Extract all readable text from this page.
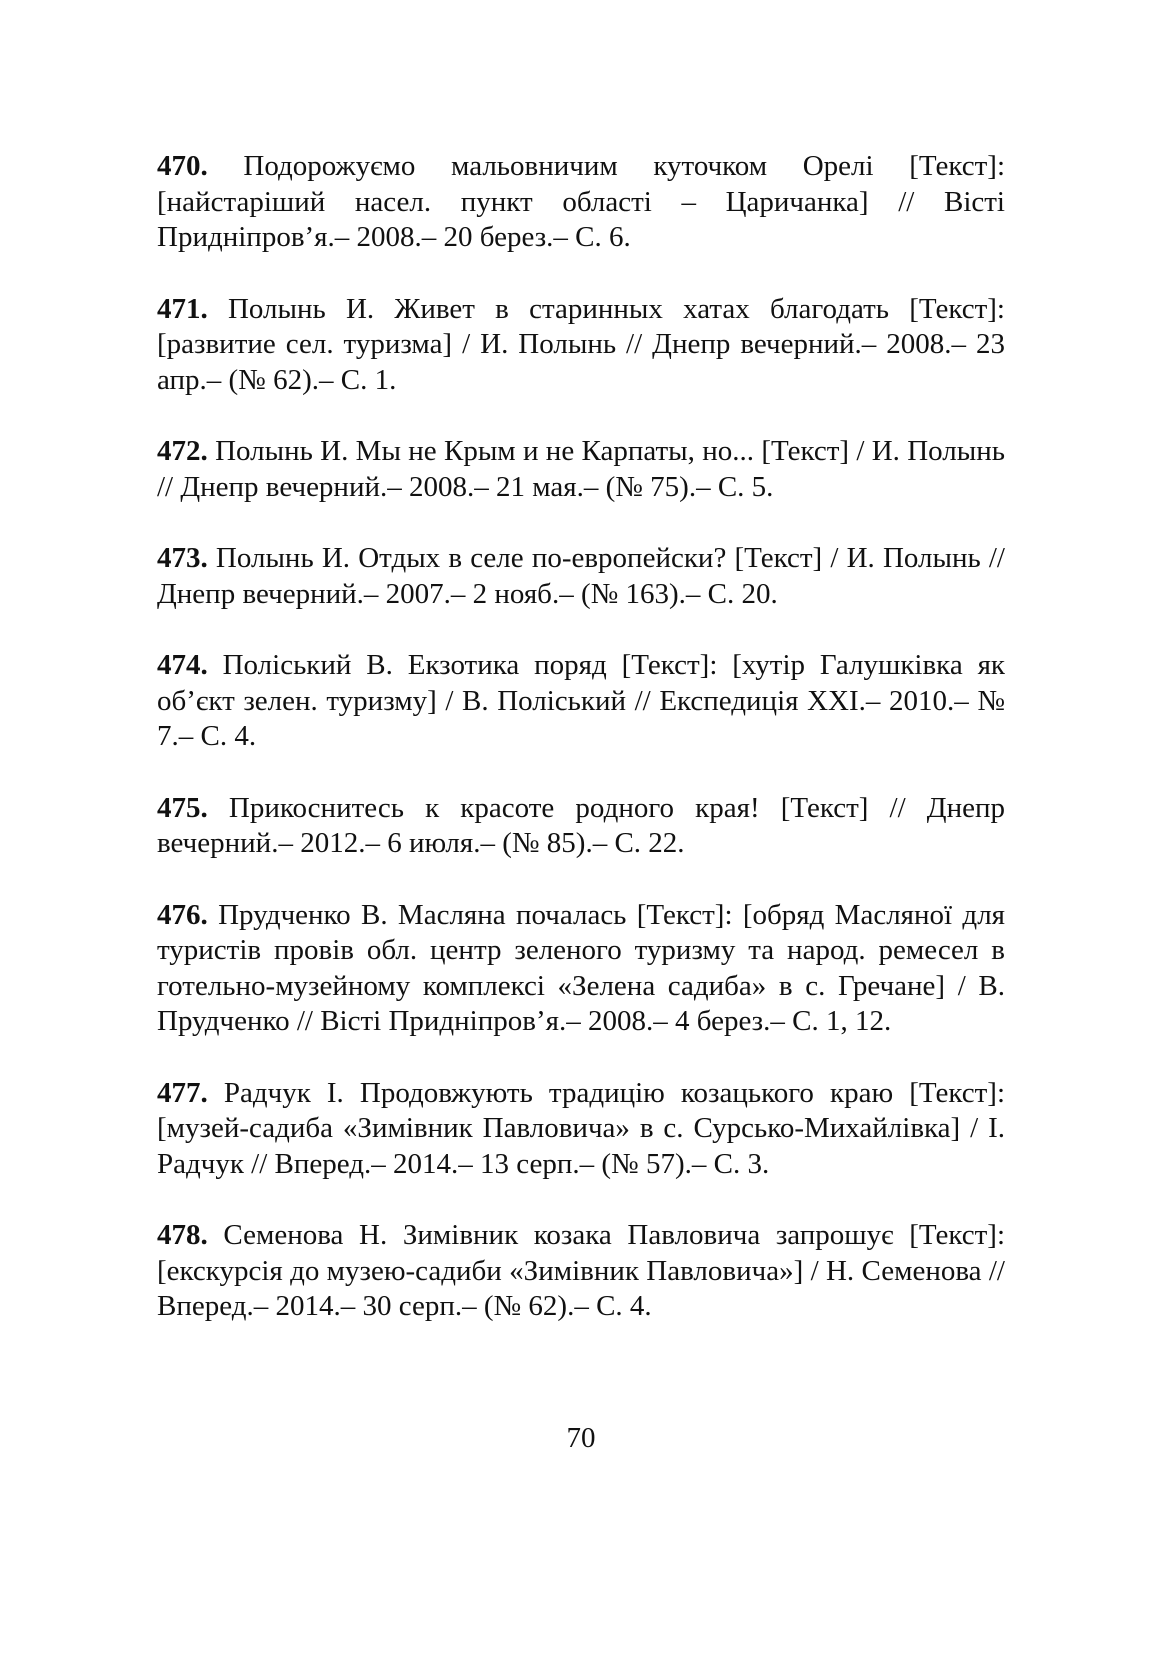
470. Подорожуємо мальовничим куточком Орелі [Текст]: [найстаріший насел. пункт області – Царичанка] // Вісті Придніпров’я.– 2008.– 20 берез.– С. 6.

471. Полынь И. Живет в старинных хатах благодать [Текст]: [развитие сел. туризма] / И. Полынь // Днепр вечерний.– 2008.– 23 апр.– (№ 62).– С. 1.

472. Полынь И. Мы не Крым и не Карпаты, но... [Текст] / И. Полынь // Днепр вечерний.– 2008.– 21 мая.– (№ 75).– С. 5.

473. Полынь И. Отдых в селе по-европейски? [Текст] / И. Полынь // Днепр вечерний.– 2007.– 2 нояб.– (№ 163).– С. 20.

474. Поліський В. Екзотика поряд [Текст]: [хутір Галушківка як об’єкт зелен. туризму] / В. Поліський // Експедиція XXI.– 2010.– № 7.– С. 4.

475. Прикоснитесь к красоте родного края! [Текст] // Днепр вечерний.– 2012.– 6 июля.– (№ 85).– С. 22.

476. Прудченко В. Масляна почалась [Текст]: [обряд Масляної для туристів провів обл. центр зеленого туризму та народ. ремесел в готельно-музейному комплексі «Зелена садиба» в с. Гречане] / В. Прудченко // Вісті Придніпров’я.– 2008.– 4 берез.– С. 1, 12.

477. Радчук І. Продовжують традицію козацького краю [Текст]: [музей-садиба «Зимівник Павловича» в с. Сурсько-Михайлівка] / І. Радчук // Вперед.– 2014.– 13 серп.– (№ 57).– С. 3.

478. Семенова Н. Зимівник козака Павловича запрошує [Текст]: [екскурсія до музею-садиби «Зимівник Павловича»] / Н. Семенова // Вперед.– 2014.– 30 серп.– (№ 62).– С. 4.

70
